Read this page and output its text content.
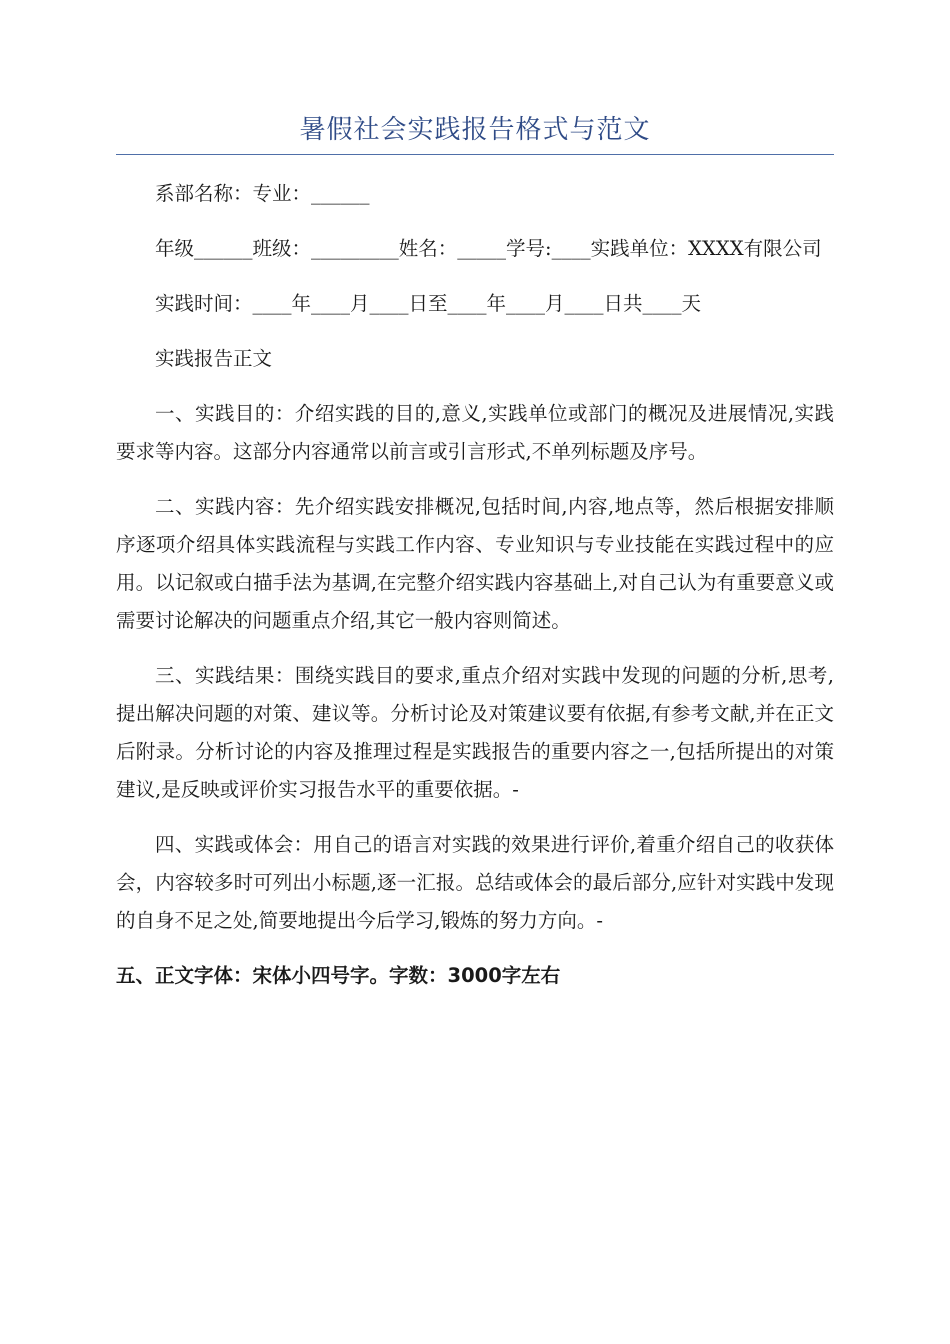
暑假社会实践报告格式与范文

系部名称：专业：______

年级______班级：_________姓名：_____学号:____实践单位：XXXX有限公司

实践时间：____年____月____日至____年____月____日共____天

实践报告正文

一、实践目的：介绍实践的目的,意义,实践单位或部门的概况及进展情况,实践要求等内容。这部分内容通常以前言或引言形式,不单列标题及序号。

二、实践内容：先介绍实践安排概况,包括时间,内容,地点等，然后根据安排顺序逐项介绍具体实践流程与实践工作内容、专业知识与专业技能在实践过程中的应用。以记叙或白描手法为基调,在完整介绍实践内容基础上,对自己认为有重要意义或需要讨论解决的问题重点介绍,其它一般内容则简述。

三、实践结果：围绕实践目的要求,重点介绍对实践中发现的问题的分析,思考,提出解决问题的对策、建议等。分析讨论及对策建议要有依据,有参考文献,并在正文后附录。分析讨论的内容及推理过程是实践报告的重要内容之一,包括所提出的对策建议,是反映或评价实习报告水平的重要依据。-

四、实践或体会：用自己的语言对实践的效果进行评价,着重介绍自己的收获体会，内容较多时可列出小标题,逐一汇报。总结或体会的最后部分,应针对实践中发现的自身不足之处,简要地提出今后学习,锻炼的努力方向。-

五、正文字体：宋体小四号字。字数：3000字左右
